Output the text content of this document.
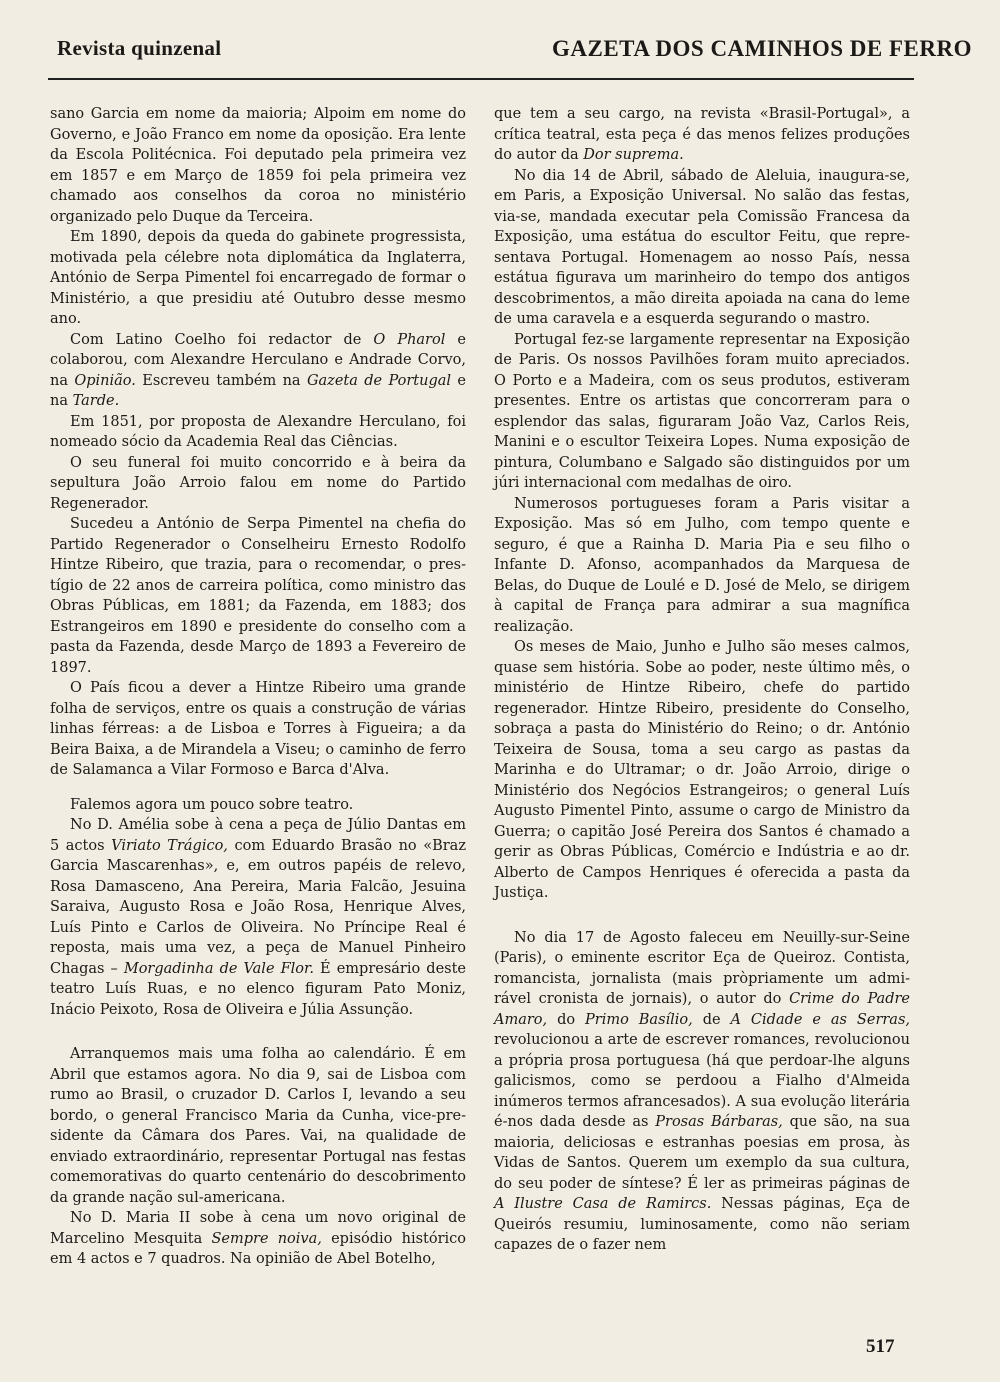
Revista quinzenal	GAZETA DOS CAMINHOS DE FERRO

sano Garcia em nome da maioria; Alpoim em nome do Governo, e João Franco em nome da oposição. Era lente da Escola Politécnica. Foi deputado pela primeira vez em 1857 e em Março de 1859 foi pela primeira vez chamado aos conselhos da coroa no ministério organizado pelo Duque da Terceira.

Em 1890, depois da queda do gabinete progressista, motivada pela célebre nota diplomática da Inglaterra, António de Serpa Pimentel foi encarregado de formar o Ministério, a que presidiu até Outubro desse mesmo ano.

Com Latino Coelho foi redactor de O Pharol e colaborou, com Alexandre Herculano e Andrade Corvo, na Opinião. Escreveu também na Gazeta de Portugal e na Tarde.

Em 1851, por proposta de Alexandre Herculano, foi nomeado sócio da Academia Real das Ciências.

O seu funeral foi muito concorrido e à beira da sepultura João Arroio falou em nome do Partido Regenerador.

Sucedeu a António de Serpa Pimentel na chefia do Partido Regenerador o Conselheiru Ernesto Rodolfo Hintze Ribeiro, que trazia, para o recomendar, o prestígio de 22 anos de carreira política, como ministro das Obras Públicas, em 1881; da Fazenda, em 1883; dos Estrangeiros em 1890 e presidente do conselho com a pasta da Fazenda, desde Março de 1893 a Fevereiro de 1897.

O País ficou a dever a Hintze Ribeiro uma grande folha de serviços, entre os quais a construção de várias linhas férreas: a de Lisboa e Torres à Figueira; a da Beira Baixa, a de Mirandela a Viseu; o caminho de ferro de Salamanca a Vilar Formoso e Barca d'Alva.

Falemos agora um pouco sobre teatro.

No D. Amélia sobe à cena a peça de Júlio Dantas em 5 actos Viriato Trágico, com Eduardo Brasão no «Braz Garcia Mascarenhas», e, em outros papéis de relevo, Rosa Damasceno, Ana Pereira, Maria Falcão, Jesuina Saraiva, Augusto Rosa e João Rosa, Henrique Alves, Luís Pinto e Carlos de Oliveira. No Príncipe Real é reposta, mais uma vez, a peça de Manuel Pinheiro Chagas – Morgadinha de Vale Flor. É empresário deste teatro Luís Ruas, e no elenco figuram Pato Moniz, Inácio Peixoto, Rosa de Oliveira e Júlia Assunção.

Arranquemos mais uma folha ao calendário. É em Abril que estamos agora. No dia 9, sai de Lisboa com rumo ao Brasil, o cruzador D. Carlos I, levando a seu bordo, o general Francisco Maria da Cunha, vice-presidente da Câmara dos Pares. Vai, na qualidade de enviado extraordinário, representar Portugal nas festas comemorativas do quarto centenário do descobrimento da grande nação sul-americana.

No D. Maria II sobe à cena um novo original de Marcelino Mesquita Sempre noiva, episódio histórico em 4 actos e 7 quadros. Na opinião de Abel Botelho,

que tem a seu cargo, na revista «Brasil-Portugal», a crítica teatral, esta peça é das menos felizes produções do autor da Dor suprema.

No dia 14 de Abril, sábado de Aleluia, inaugura-se, em Paris, a Exposição Universal. No salão das festas, via-se, mandada executar pela Comissão Francesa da Exposição, uma estátua do escultor Feitu, que representava Portugal. Homenagem ao nosso País, nessa estátua figurava um marinheiro do tempo dos antigos descobrimentos, a mão direita apoiada na cana do leme de uma caravela e a esquerda segurando o mastro.

Portugal fez-se largamente representar na Exposição de Paris. Os nossos Pavilhões foram muito apreciados. O Porto e a Madeira, com os seus produtos, estiveram presentes. Entre os artistas que concorreram para o esplendor das salas, figuraram João Vaz, Carlos Reis, Manini e o escultor Teixeira Lopes. Numa exposição de pintura, Columbano e Salgado são distinguidos por um júri internacional com medalhas de oiro.

Numerosos portugueses foram a Paris visitar a Exposição. Mas só em Julho, com tempo quente e seguro, é que a Rainha D. Maria Pia e seu filho o Infante D. Afonso, acompanhados da Marquesa de Belas, do Duque de Loulé e D. José de Melo, se dirigem à capital de França para admirar a sua magnífica realização.

Os meses de Maio, Junho e Julho são meses calmos, quase sem história. Sobe ao poder, neste último mês, o ministério de Hintze Ribeiro, chefe do partido regenerador. Hintze Ribeiro, presidente do Conselho, sobraça a pasta do Ministério do Reino; o dr. António Teixeira de Sousa, toma a seu cargo as pastas da Marinha e do Ultramar; o dr. João Arroio, dirige o Ministério dos Negócios Estrangeiros; o general Luís Augusto Pimentel Pinto, assume o cargo de Ministro da Guerra; o capitão José Pereira dos Santos é chamado a gerir as Obras Públicas, Comércio e Indústria e ao dr. Alberto de Campos Henriques é oferecida a pasta da Justiça.

No dia 17 de Agosto faleceu em Neuilly-sur-Seine (Paris), o eminente escritor Eça de Queiroz. Contista, romancista, jornalista (mais pròpriamente um admirável cronista de jornais), o autor do Crime do Padre Amaro, do Primo Basílio, de A Cidade e as Serras, revolucionou a arte de escrever romances, revolucionou a própria prosa portuguesa (há que perdoar-lhe alguns galicismos, como se perdoou a Fialho d'Almeida inúmeros termos afrancesados). A sua evolução literária é-nos dada desde as Prosas Bárbaras, que são, na sua maioria, deliciosas e estranhas poesias em prosa, às Vidas de Santos. Querem um exemplo da sua cultura, do seu poder de síntese? É ler as primeiras páginas de A Ilustre Casa de Ramircs. Nessas páginas, Eça de Queirós resumiu, luminosamente, como não seriam capazes de o fazer nem

517
